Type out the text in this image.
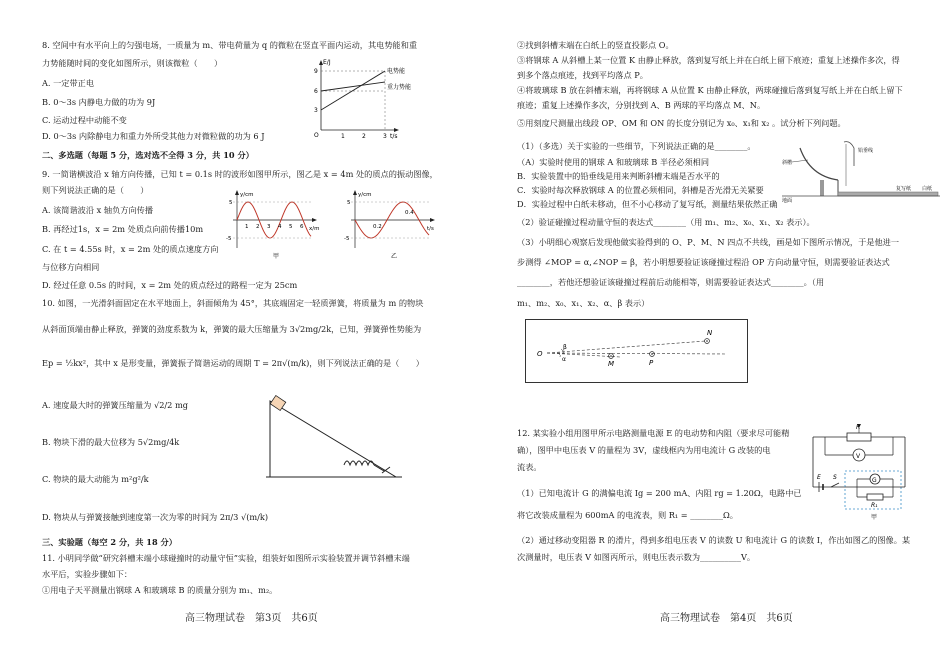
8. 空间中有水平向上的匀强电场，一质量为 m、带电荷量为 q 的微粒在竖直平面内运动，其电势能和重
力势能随时间的变化如图所示，则该微粒（　　）
A. 一定带正电
B. 0～3s 内静电力做的功为 9J
C. 运动过程中动能不变
D. 0～3s 内除静电力和重力外所受其他力对微粒做的功为 6 J
E/J
t/s
O
9
6
3
1	2	3
电势能
重力势能
二、多选题（每题 5 分，选对选不全得 3 分，共 10 分）
9. 一简谐横波沿 x 轴方向传播，已知 t = 0.1s 时的波形如图甲所示，图乙是 x = 4m 处的质点的振动图像，
则下列说法正确的是（　　）
A. 该简谐波沿 x 轴负方向传播
B. 再经过1s，x = 2m 处质点向前传播10m
C. 在 t = 4.55s 时，x = 2m 处的质点速度方向
与位移方向相同
D. 经过任意 0.5s 的时间，x = 2m 处的质点经过的路程一定为 25cm
y/cm
x/m
5
-5
1 2 3 4 5 6
甲
y/cm
t/s
5
-5
0.2
0.4
乙
10. 如图，一光滑斜面固定在水平地面上，斜面倾角为 45°，其底端固定一轻质弹簧，将质量为 m 的物块
从斜面顶端由静止释放，弹簧的劲度系数为 k，弹簧的最大压缩量为 3√2mg/2k，已知，弹簧弹性势能为
Ep = ½kx²，其中 x 是形变量，弹簧振子简谐运动的周期 T = 2π√(m/k)，则下列说法正确的是（　　）
A. 速度最大时的弹簧压缩量为 √2/2 mg
B. 物块下滑的最大位移为 5√2mg/4k
C. 物块的最大动能为 m²g²/k
D. 物块从与弹簧接触到速度第一次为零的时间为 2π/3 √(m/k)
三、实验题（每空 2 分，共 18 分）
11. 小明同学做“研究斜槽末端小球碰撞时的动量守恒”实验，组装好如图所示实验装置并调节斜槽末端
水平后，实验步骤如下：
①用电子天平测量出钢球 A 和玻璃球 B 的质量分别为 m₁、m₂。
高三物理试卷　第3页　共6页
②找到斜槽末端在白纸上的竖直投影点 O。
③将钢球 A 从斜槽上某一位置 K 由静止释放，落到复写纸上并在白纸上留下痕迹；重复上述操作多次，得
到多个落点痕迹，找到平均落点 P。
④将玻璃球 B 放在斜槽末端，再将钢球 A 从位置 K 由静止释放，两球碰撞后落到复写纸上并在白纸上留下
痕迹；重复上述操作多次，分别找到 A、B 两球的平均落点 M、N。
⑤用刻度尺测量出线段 OP、OM 和 ON 的长度分别记为 x₀、x₁和 x₂ 。试分析下列问题。
（1）（多选）关于实验的一些细节，下列说法正确的是________。
（A）实验时使用的钢球 A 和玻璃球 B 半径必须相同
B．实验装置中的铅垂线是用来判断斜槽末端是否水平的
C．实验时每次释放钢球 A 的位置必须相同，斜槽是否光滑无关紧要
D．实验过程中白纸未移动，但不小心移动了复写纸，测量结果依然正确
斜槽
铅垂线
复写纸 白纸
地面
（2）验证碰撞过程动量守恒的表达式________（用 m₁、m₂、x₀、x₁、x₂ 表示）。
（3）小明细心观察后发现他做实验得到的 O、P、M、N 四点不共线，画是如下图所示情况，于是他进一
步测得 ∠MOP = α,∠NOP = β，若小明想要验证该碰撞过程沿 OP 方向动量守恒，则需要验证表达式
________，若他还想验证该碰撞过程前后动能相等，则需要验证表达式________。（用
m₁、m₂、x₀、x₁、x₂、α、β 表示）
O
M	P
N
β
α
12. 某实验小组用图甲所示电路测量电源 E 的电动势和内阻（要求尽可能精
确），图甲中电压表 V 的量程为 3V，虚线框内为用电流计 G 改装的电
流表。
（1）已知电流计 G 的满偏电流 Ig = 200 mA、内阻 rg = 1.20Ω，电路中已
将它改装成量程为 600mA 的电流表，则 R₁ = ________Ω。
（2）通过移动变阻器 R 的滑片，得到多组电压表 V 的读数 U 和电流计 G 的读数 I，作出如图乙的图像。某
次测量时，电压表 V 如图丙所示，则电压表示数为__________V。
R
V
E S	G
R₁
甲
高三物理试卷　第4页　共6页
